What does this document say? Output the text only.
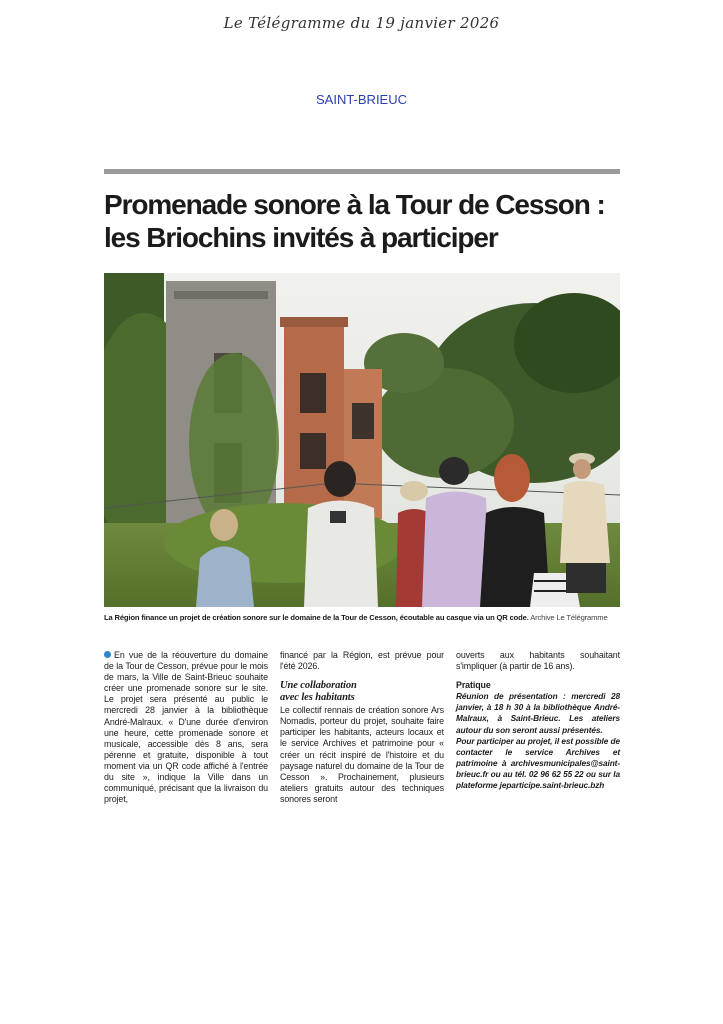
Le Télégramme du 19 janvier 2026
SAINT-BRIEUC
Promenade sonore à la Tour de Cesson :
les Briochins invités à participer
BRIAU
La Région finance un projet de création sonore sur le domaine de la Tour de Cesson, écoutable au casque via un QR code. Archive Le Télégramme

En vue de la réouverture du domaine de la Tour de Cesson, prévue pour le mois de mars, la Ville de Saint-Brieuc souhaite créer une promenade sonore sur le site. Le projet sera présenté au public le mercredi 28 janvier à la bibliothèque André-Malraux. « D'une durée d'environ une heure, cette promenade sonore et musicale, accessible dès 8 ans, sera pérenne et gratuite, disponible à tout moment via un QR code affiché à l'entrée du site », indique la Ville dans un communiqué, précisant que la livraison du projet,

financé par la Région, est prévue pour l'été 2026.

Une collaboration
avec les habitants

Le collectif rennais de création sonore Ars Nomadis, porteur du projet, souhaite faire participer les habitants, acteurs locaux et le service Archives et patrimoine pour « créer un récit inspiré de l'histoire et du paysage naturel du domaine de la Tour de Cesson ». Prochainement, plusieurs ateliers gratuits autour des techniques sonores seront

ouverts aux habitants souhaitant s'impliquer (à partir de 16 ans).

Pratique

Réunion de présentation : mercredi 28 janvier, à 18 h 30 à la bibliothèque André-Malraux, à Saint-Brieuc. Les ateliers autour du son seront aussi présentés.

Pour participer au projet, il est possible de contacter le service Archives et patrimoine à archivesmunicipales@saint-brieuc.fr ou au tél. 02 96 62 55 22 ou sur la plateforme jeparticipe.saint-brieuc.bzh
